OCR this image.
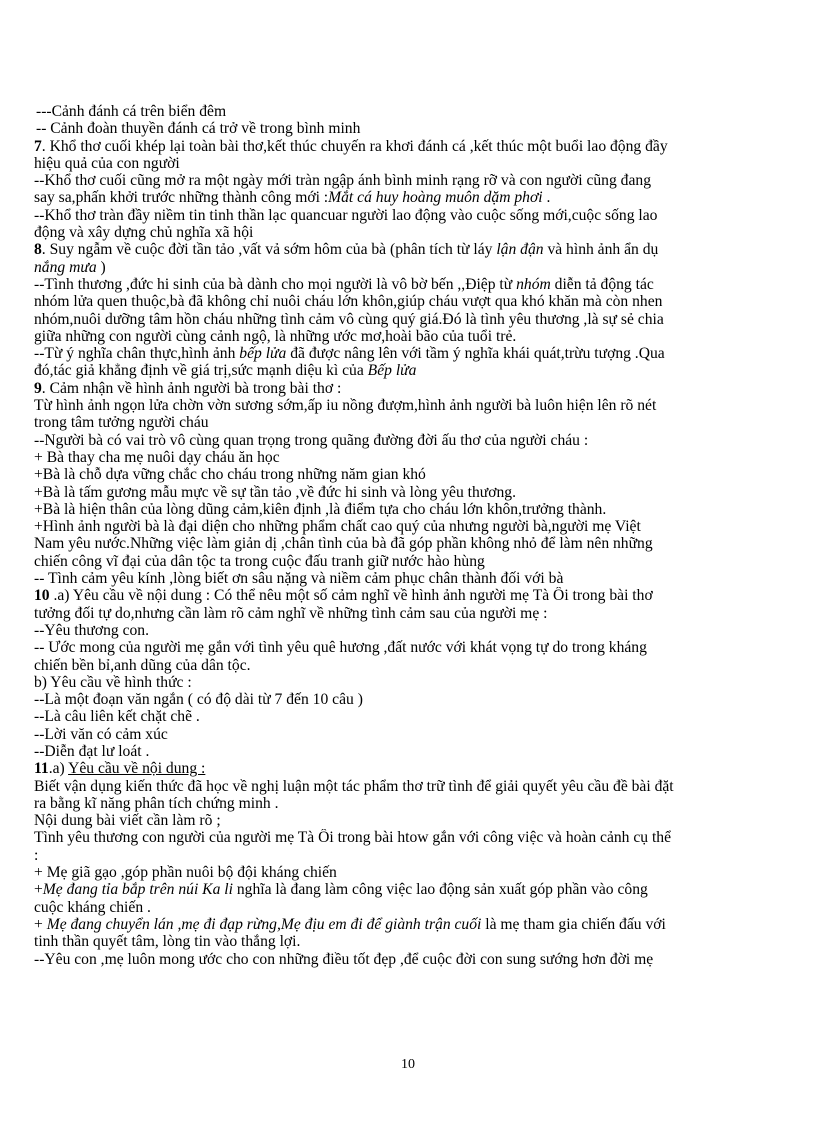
---Cảnh đánh cá trên biển đêm
-- Cảnh đoàn thuyền đánh cá trở về trong bình minh
7. Khổ thơ cuối khép lại toàn bài thơ,kết thúc chuyến ra khơi đánh cá ,kết thúc một buổi lao động đầy
hiệu quả của con người
--Khổ thơ cuối cũng mở ra một ngày mới tràn ngập ánh bình minh rạng rỡ và con người cũng đang
say sa,phấn khởi trước những thành công mới :Mắt cá huy hoàng muôn dặm phơi .
--Khổ thơ tràn đầy niềm tin tinh thần lạc quancuar người lao động vào cuộc sống mới,cuộc sống lao
động và xây dựng chủ nghĩa xã hội
8. Suy ngẫm về cuộc đời tần tảo ,vất vả sớm hôm của bà (phân tích từ láy lận đận và hình ảnh ẩn dụ
nắng mưa )
--Tình thương ,đức hi sinh của bà dành cho mọi người là vô bờ bến ,,Điệp từ nhóm diễn tả động tác
nhóm lửa quen thuộc,bà đã không chỉ nuôi cháu lớn khôn,giúp cháu vượt qua khó khăn mà còn nhen
nhóm,nuôi dưỡng tâm hồn cháu những tình cảm vô cùng quý giá.Đó là tình yêu thương ,là sự sẻ chia
giữa những con người cùng cảnh ngộ, là những ước mơ,hoài bão của tuổi trẻ.
--Từ ý nghĩa chân thực,hình ảnh bếp lửa đã được nâng lên với tầm ý nghĩa khái quát,trừu tượng .Qua
đó,tác giả khẳng định về giá trị,sức mạnh diệu kì của Bếp lửa
9. Cảm nhận về hình ảnh người bà trong bài thơ :
Từ hình ảnh ngọn lửa chờn vờn sương sớm,ấp iu nồng đượm,hình ảnh người bà luôn hiện lên rõ nét
trong tâm tưởng người cháu
--Người bà có vai trò vô cùng quan trọng trong quãng đường đời ấu thơ của người cháu :
+ Bà thay cha mẹ nuôi dạy cháu ăn học
+Bà là chỗ dựa vững chắc cho cháu trong những năm gian khó
+Bà là tấm gương mẫu mực về sự tần tảo ,về đức hi sinh và lòng yêu thương.
+Bà là hiện thân của lòng dũng cảm,kiên định ,là điểm tựa cho cháu lớn khôn,trưởng thành.
+Hình ảnh người bà là đại diện cho những phẩm chất cao quý của nhưng người bà,người mẹ Việt
Nam yêu nước.Những việc làm giản dị ,chân tình của bà đã góp phần không nhỏ để làm nên những
chiến công vĩ đại của dân tộc ta trong cuộc đấu tranh giữ nước hào hùng
-- Tình cảm yêu kính ,lòng biết ơn sâu nặng và niềm cảm phục chân thành đối với bà
10 .a) Yêu cầu về nội dung : Có thể nêu một số cảm nghĩ về hình ảnh người mẹ Tà Ôi trong bài thơ
tưởng đối tự do,nhưng cần làm rõ cảm nghĩ về những tình cảm sau của người mẹ :
--Yêu thương con.
-- Ước mong của người mẹ gắn với tình yêu quê hương ,đất nước với khát vọng tự do trong kháng
chiến bền bỉ,anh dũng của dân tộc.
b) Yêu cầu về hình thức :
--Là một đoạn văn ngắn ( có độ dài từ 7 đến 10 câu )
--Là câu liên kết chặt chẽ .
--Lời văn có cảm xúc
--Diễn đạt lư loát .
11.a) Yêu cầu về nội dung :
Biết vận dụng kiến thức đã học về nghị luận một tác phẩm thơ trữ tình để giải quyết yêu cầu đề bài đặt
ra bằng kĩ năng phân tích chứng minh .
Nội dung bài viết cần làm rõ ;
Tình yêu thương con người của người mẹ Tà Ôi trong bài htow gắn với công việc và hoàn cảnh cụ thể
:
+ Mẹ giã gạo ,góp phần nuôi bộ đội kháng chiến
+Mẹ đang tỉa bắp trên núi Ka li nghĩa là đang làm công việc lao động sản xuất góp phần vào công
cuộc kháng chiến .
+ Mẹ đang chuyển lán ,mẹ đi đạp rừng,Mẹ địu em đi để giành trận cuối là mẹ tham gia chiến đấu với
tinh thần quyết tâm, lòng tin vào thắng lợi.
--Yêu con ,mẹ luôn mong ước cho con những điều tốt đẹp ,để cuộc đời con sung sướng hơn đời mẹ
10
